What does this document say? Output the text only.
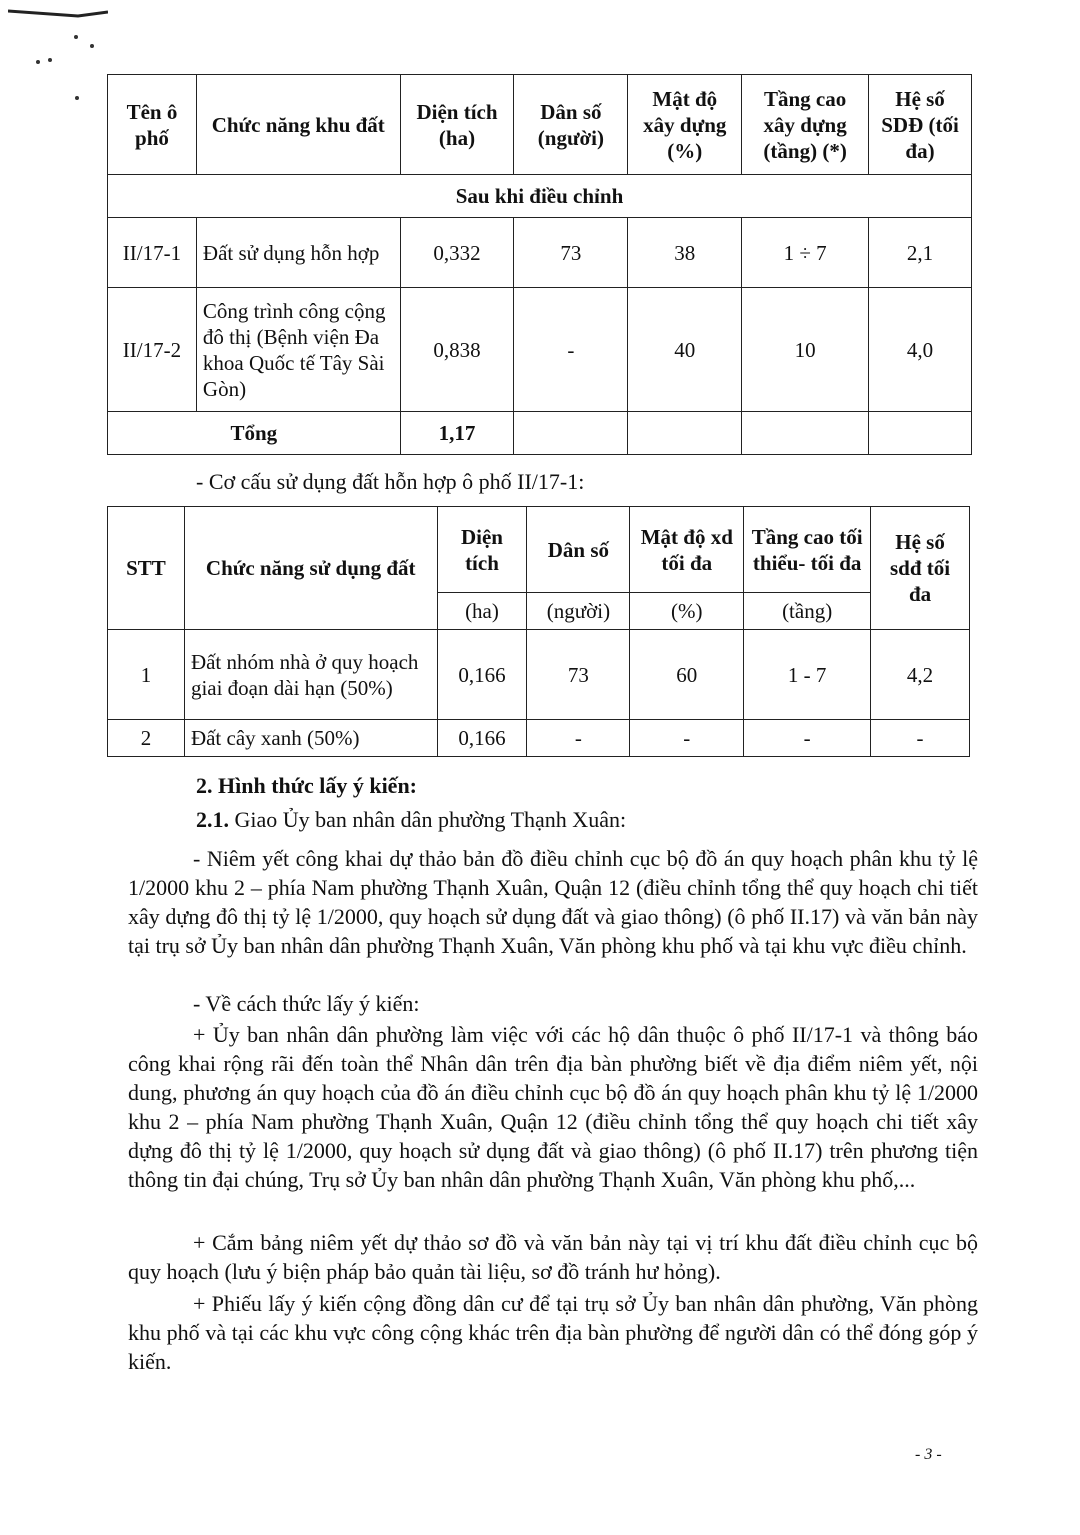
Tên ô phố	Chức năng khu đất	Diện tích (ha)	Dân số (người)	Mật độ xây dựng (%)	Tầng cao xây dựng (tầng) (*)	Hệ số SDĐ (tối đa)
Sau khi điều chỉnh						
II/17-1	Đất sử dụng hỗn hợp	0,332	73	38	1 ÷ 7	2,1
II/17-2	Công trình công cộng đô thị (Bệnh viện Đa khoa Quốc tế Tây Sài Gòn)	0,838	-	40	10	4,0
Tổng		1,17				
- Cơ cấu sử dụng đất hỗn hợp ô phố II/17-1:
STT	Chức năng sử dụng đất	Diện tích	Dân số	Mật độ xd tối đa	Tầng cao tối thiểu- tối đa	Hệ số sdđ tối đa
		(ha)	(người)	(%)	(tầng)	
1	Đất nhóm nhà ở quy hoạch giai đoạn dài hạn (50%)	0,166	73	60	1 - 7	4,2
2	Đất cây xanh (50%)	0,166	-	-	-	-
2. Hình thức lấy ý kiến:
2.1. Giao Ủy ban nhân dân phường Thạnh Xuân:
- Niêm yết công khai dự thảo bản đồ điều chỉnh cục bộ đồ án quy hoạch phân khu tỷ lệ 1/2000 khu 2 – phía Nam phường Thạnh Xuân, Quận 12 (điều chỉnh tổng thể quy hoạch chi tiết xây dựng đô thị tỷ lệ 1/2000, quy hoạch sử dụng đất và giao thông) (ô phố II.17) và văn bản này tại trụ sở Ủy ban nhân dân phường Thạnh Xuân, Văn phòng khu phố và tại khu vực điều chỉnh.
- Về cách thức lấy ý kiến:
+ Ủy ban nhân dân phường làm việc với các hộ dân thuộc ô phố II/17-1 và thông báo công khai rộng rãi đến toàn thể Nhân dân trên địa bàn phường biết về địa điểm niêm yết, nội dung, phương án quy hoạch của đồ án điều chỉnh cục bộ đồ án quy hoạch phân khu tỷ lệ 1/2000 khu 2 – phía Nam phường Thạnh Xuân, Quận 12 (điều chỉnh tổng thể quy hoạch chi tiết xây dựng đô thị tỷ lệ 1/2000, quy hoạch sử dụng đất và giao thông) (ô phố II.17) trên phương tiện thông tin đại chúng, Trụ sở Ủy ban nhân dân phường Thạnh Xuân, Văn phòng khu phố,...
+ Cắm bảng niêm yết dự thảo sơ đồ và văn bản này tại vị trí khu đất điều chỉnh cục bộ quy hoạch (lưu ý biện pháp bảo quản tài liệu, sơ đồ tránh hư hỏng).
+ Phiếu lấy ý kiến cộng đồng dân cư để tại trụ sở Ủy ban nhân dân phường, Văn phòng khu phố và tại các khu vực công cộng khác trên địa bàn phường để người dân có thể đóng góp ý kiến.
- 3 -
